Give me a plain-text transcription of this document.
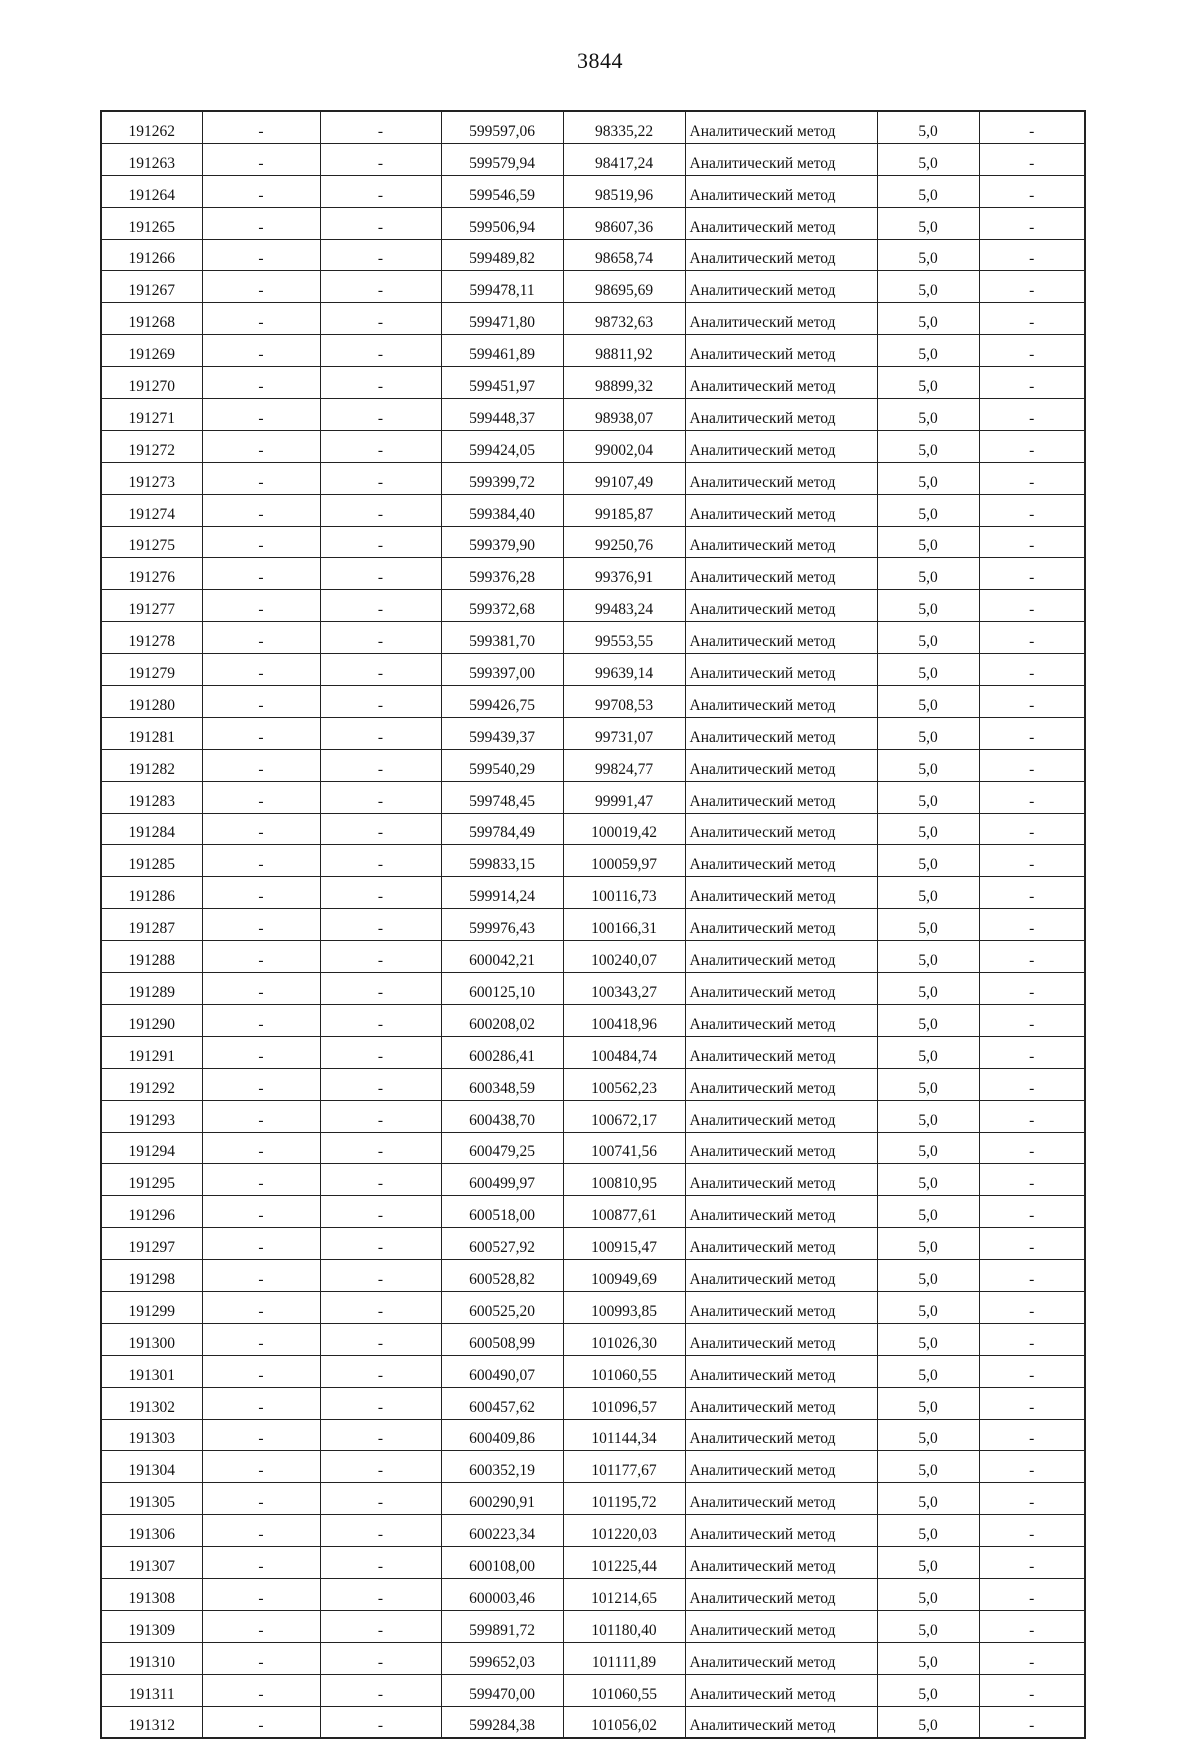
3844
191262	-	-	599597,06	98335,22	Аналитический метод	5,0	-
191263	-	-	599579,94	98417,24	Аналитический метод	5,0	-
191264	-	-	599546,59	98519,96	Аналитический метод	5,0	-
191265	-	-	599506,94	98607,36	Аналитический метод	5,0	-
191266	-	-	599489,82	98658,74	Аналитический метод	5,0	-
191267	-	-	599478,11	98695,69	Аналитический метод	5,0	-
191268	-	-	599471,80	98732,63	Аналитический метод	5,0	-
191269	-	-	599461,89	98811,92	Аналитический метод	5,0	-
191270	-	-	599451,97	98899,32	Аналитический метод	5,0	-
191271	-	-	599448,37	98938,07	Аналитический метод	5,0	-
191272	-	-	599424,05	99002,04	Аналитический метод	5,0	-
191273	-	-	599399,72	99107,49	Аналитический метод	5,0	-
191274	-	-	599384,40	99185,87	Аналитический метод	5,0	-
191275	-	-	599379,90	99250,76	Аналитический метод	5,0	-
191276	-	-	599376,28	99376,91	Аналитический метод	5,0	-
191277	-	-	599372,68	99483,24	Аналитический метод	5,0	-
191278	-	-	599381,70	99553,55	Аналитический метод	5,0	-
191279	-	-	599397,00	99639,14	Аналитический метод	5,0	-
191280	-	-	599426,75	99708,53	Аналитический метод	5,0	-
191281	-	-	599439,37	99731,07	Аналитический метод	5,0	-
191282	-	-	599540,29	99824,77	Аналитический метод	5,0	-
191283	-	-	599748,45	99991,47	Аналитический метод	5,0	-
191284	-	-	599784,49	100019,42	Аналитический метод	5,0	-
191285	-	-	599833,15	100059,97	Аналитический метод	5,0	-
191286	-	-	599914,24	100116,73	Аналитический метод	5,0	-
191287	-	-	599976,43	100166,31	Аналитический метод	5,0	-
191288	-	-	600042,21	100240,07	Аналитический метод	5,0	-
191289	-	-	600125,10	100343,27	Аналитический метод	5,0	-
191290	-	-	600208,02	100418,96	Аналитический метод	5,0	-
191291	-	-	600286,41	100484,74	Аналитический метод	5,0	-
191292	-	-	600348,59	100562,23	Аналитический метод	5,0	-
191293	-	-	600438,70	100672,17	Аналитический метод	5,0	-
191294	-	-	600479,25	100741,56	Аналитический метод	5,0	-
191295	-	-	600499,97	100810,95	Аналитический метод	5,0	-
191296	-	-	600518,00	100877,61	Аналитический метод	5,0	-
191297	-	-	600527,92	100915,47	Аналитический метод	5,0	-
191298	-	-	600528,82	100949,69	Аналитический метод	5,0	-
191299	-	-	600525,20	100993,85	Аналитический метод	5,0	-
191300	-	-	600508,99	101026,30	Аналитический метод	5,0	-
191301	-	-	600490,07	101060,55	Аналитический метод	5,0	-
191302	-	-	600457,62	101096,57	Аналитический метод	5,0	-
191303	-	-	600409,86	101144,34	Аналитический метод	5,0	-
191304	-	-	600352,19	101177,67	Аналитический метод	5,0	-
191305	-	-	600290,91	101195,72	Аналитический метод	5,0	-
191306	-	-	600223,34	101220,03	Аналитический метод	5,0	-
191307	-	-	600108,00	101225,44	Аналитический метод	5,0	-
191308	-	-	600003,46	101214,65	Аналитический метод	5,0	-
191309	-	-	599891,72	101180,40	Аналитический метод	5,0	-
191310	-	-	599652,03	101111,89	Аналитический метод	5,0	-
191311	-	-	599470,00	101060,55	Аналитический метод	5,0	-
191312	-	-	599284,38	101056,02	Аналитический метод	5,0	-
